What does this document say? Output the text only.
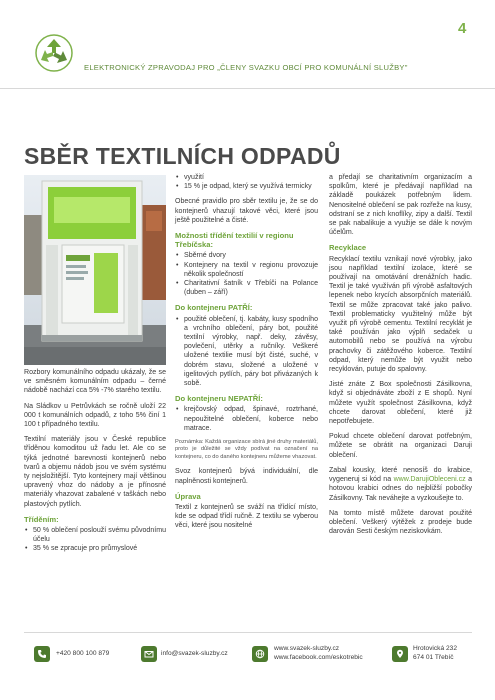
ELEKTRONICKÝ ZPRAVODAJ PRO „ČLENY SVAZKU OBCÍ PRO KOMUNÁLNÍ SLUŽBY"
4
SBĚR TEXTILNÍCH ODPADŮ

Rozbory komunálního odpadu ukázaly, že se ve směsném komunálním odpadu – černé nádobě nachází cca 5% -7% starého textilu.

Na Sládkov u Petrůvkách se ročně uloží 22 000 t komunálních odpadů, z toho 5% činí 1 100 t případného textilu.

Textilní materiály jsou v České republice tříděnou komoditou už řadu let. Ale co se týká jednotné barevnosti kontejnerů nebo tvarů a objemu nádob jsou ve svém systému ty nejsložitější. Tyto kontejnery mají většinou upravený vhoz do nádoby a je přínosné materiály vhazovat zabalené v taškách nebo plastových pytlích.

Tříděním:
• 50 % oblečení poslouží svému původnímu účelu
• 35 % se zpracuje pro průmyslové
• využití
• 15 % je odpad, který se využívá termicky

Obecné pravidlo pro sběr textilu je, že se do kontejnerů vhazují takové věci, které jsou ještě použitelné a čisté.

Možnosti třídění textilií v regionu Třebíčska:
• Sběrné dvory
• Kontejnery na textil v regionu provozuje několik společností
• Charitativní šatník v Třebíči na Polance (duben – září)
Do kontejneru PATŘÍ:
• použité oblečení, tj. kabáty, kusy spodního a vrchního oblečení, páry bot, použité textilní výrobky, např. deky, závěsy, povlečení, utěrky a ručníky. Veškeré uložené textilie musí být čisté, suché, v dobrém stavu, složené a uložené v igelitových pytlích, páry bot přivázaných k sobě.
Do kontejneru NEPATŘÍ:
• krejčovský odpad, špinavé, roztrhané, nepoužitelné oblečení, koberce nebo matrace.

Poznámka: Každá organizace sbírá jiné druhy materiálů, proto je důležité se vždy podívat na označení na kontejneru, co do daného kontejneru můžeme vhazovat.

Svoz kontejnerů bývá individuální, dle naplněnosti kontejnerů.

Úprava

Textil z kontejnerů se sváží na třídící místo, kde se odpad třídí ručně. Z textilu se vyberou věci, které jsou nositelné

a předají se charitativním organizacím a spolkům, které je předávají například na základě poukázek potřebným lidem. Nenositelné oblečení se pak rozřeže na kusy, odstraní se z nich knoflíky, zipy a další. Textil se pak nabalikuje a využije se dále k novým účelům.

Recyklace

Recyklací textilu vznikají nové výrobky, jako jsou například textilní izolace, které se používají na omotávání drenážních hadic. Textil je také využíván při výrobě asfaltových lepenek nebo krycích absorpčních materiálů. Textil se může zpracovat také jako palivo. Textil problematicky využitelný může být využit při výrobě cementu. Textilní recyklát je také používán jako výplň sedaček u automobilů nebo se používá na výrobu prachovky či zátěžového koberce. Textilní odpad, který nemůže být využit nebo recyklován, putuje do spalovny.

Jisté znáte Z Box společnosti Zásilkovna, když si objednáváte zboží z E shopů. Nyní můžete využít společnost Zásilkovna, když chcete darovat oblečení, které již nepotřebujete.

Pokud chcete oblečení darovat potřebným, můžete se obrátit na organizaci Daruji oblečení.

Zabal kousky, které nenosíš do krabice, vygeneruj si kód na www.DarujiObleceni.cz a hotovou krabici odnes do nejbližší pobočky Zásilkovny. Tak neváhejte a vyzkoušejte to.

Na tomto místě můžete darovat použité oblečení. Veškerý výtěžek z prodeje bude darován Sesti českým neziskovkám.

+420 800 100 879	info@svazek-sluzby.cz
www.svazek-sluzby.cz
www.facebook.com/eskotrebic
Hrotovická 232
674 01 Třebíč
